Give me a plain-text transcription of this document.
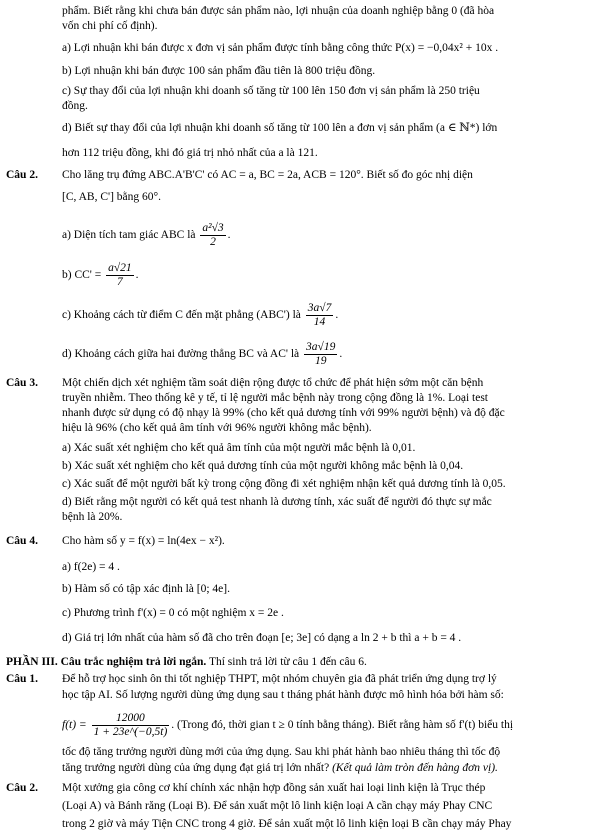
phẩm. Biết rằng khi chưa bán được sản phẩm nào, lợi nhuận của doanh nghiệp bằng 0 (đã hòa
vốn chi phí cố định).
a) Lợi nhuận khi bán được x đơn vị sản phẩm được tính bằng công thức P(x) = −0,04x² + 10x .
b) Lợi nhuận khi bán được 100 sản phẩm đầu tiên là 800 triệu đồng.
c) Sự thay đổi của lợi nhuận khi doanh số tăng từ 100 lên 150 đơn vị sản phẩm là 250 triệu
đồng.
d) Biết sự thay đổi của lợi nhuận khi doanh số tăng từ 100 lên a đơn vị sản phẩm (a ∈ ℕ*) lớn
hơn 112 triệu đồng, khi đó giá trị nhỏ nhất của a là 121.
Câu 2. Cho lăng trụ đứng ABC.A'B'C' có AC = a, BC = 2a, ACB = 120°. Biết số đo góc nhị diện
[C, AB, C'] bằng 60°.
a) Diện tích tam giác ABC là $\frac{\text{a²√3}}{2}$ .
b) $CC' = \frac{a√21}{7}$ .
c) Khoảng cách từ điểm C đến mặt phẳng (ABC') là $\frac{3a√7}{14}$ .
d) Khoảng cách giữa hai đường thẳng BC và AC' là $\frac{3a√19}{19}$ .
Câu 3. Một chiến dịch xét nghiệm tầm soát diện rộng được tổ chức để phát hiện sớm một căn bệnh
truyền nhiễm. Theo thống kê y tế, tỉ lệ người mắc bệnh này trong cộng đồng là 1%. Loại test
nhanh được sử dụng có độ nhạy là 99% (cho kết quả dương tính với 99% người bệnh) và độ đặc
hiệu là 96% (cho kết quả âm tính với 96% người không mắc bệnh).
a) Xác suất xét nghiệm cho kết quả âm tính của một người mắc bệnh là 0,01.
b) Xác suất xét nghiệm cho kết quả dương tính của một người không mắc bệnh là 0,04.
c) Xác suất để một người bất kỳ trong cộng đồng đi xét nghiệm nhận kết quả dương tính là 0,05.
d) Biết rằng một người có kết quả test nhanh là dương tính, xác suất để người đó thực sự mắc
bệnh là 20%.
Câu 4. Cho hàm số y = f(x) = ln(4ex − x²).
a) f(2e) = 4 .
b) Hàm số có tập xác định là [0; 4e].
c) Phương trình f'(x) = 0 có một nghiệm x = 2e .
d) Giá trị lớn nhất của hàm số đã cho trên đoạn [e; 3e] có dạng a ln 2 + b thì a + b = 4 .
PHẦN III. Câu trắc nghiệm trả lời ngắn. Thí sinh trả lời từ câu 1 đến câu 6.
Câu 1. Để hỗ trợ học sinh ôn thi tốt nghiệp THPT, một nhóm chuyên gia đã phát triển ứng dụng trợ lý
học tập AI. Số lượng người dùng ứng dụng sau t tháng phát hành được mô hình hóa bởi hàm số:
$f(t) = \frac{12000}{1 + 23e\^{}(-0,5t)}$ . (Trong đó, thời gian t ≥ 0 tính bằng tháng). Biết rằng hàm số f'(t) biểu thị
tốc độ tăng trưởng người dùng mới của ứng dụng. Sau khi phát hành bao nhiêu tháng thì tốc độ
tăng trưởng người dùng của ứng dụng đạt giá trị lớn nhất? (Kết quả làm tròn đến hàng đơn vị).
Câu 2. Một xưởng gia công cơ khí chính xác nhận hợp đồng sản xuất hai loại linh kiện là Trục thép
(Loại A) và Bánh răng (Loại B). Để sản xuất một lô linh kiện loại A cần chạy máy Phay CNC
trong 2 giờ và máy Tiện CNC trong 4 giờ. Để sản xuất một lô linh kiện loại B cần chạy máy Phay
